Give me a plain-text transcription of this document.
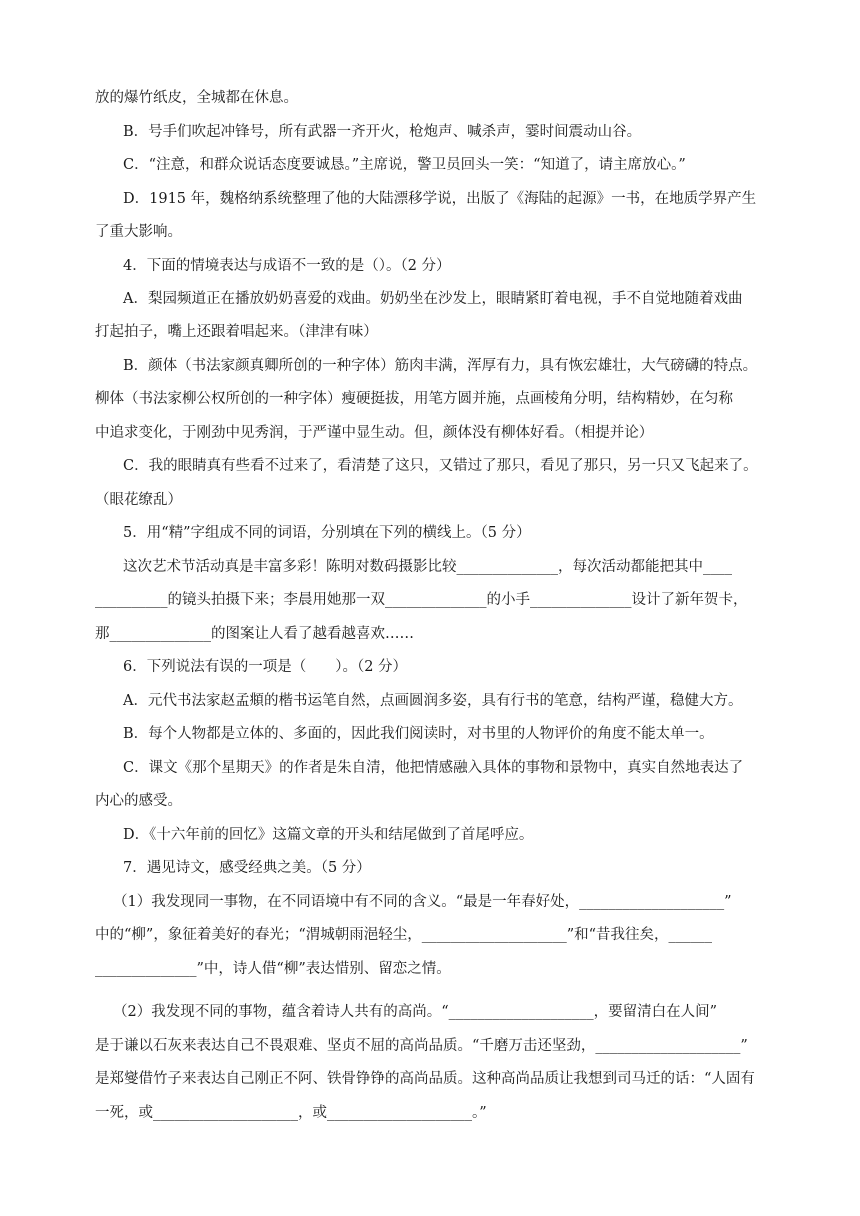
放的爆竹纸皮，全城都在休息。
B．号手们吹起冲锋号，所有武器一齐开火，枪炮声、喊杀声，霎时间震动山谷。
C．“注意，和群众说话态度要诚恳。”主席说，警卫员回头一笑：“知道了，请主席放心。”
D．1915 年，魏格纳系统整理了他的大陆漂移学说，出版了《海陆的起源》一书，在地质学界产生
了重大影响。
4．下面的情境表达与成语不一致的是（）。（2 分）
A．梨园频道正在播放奶奶喜爱的戏曲。奶奶坐在沙发上，眼睛紧盯着电视，手不自觉地随着戏曲
打起拍子，嘴上还跟着唱起来。（津津有味）
B．颜体（书法家颜真卿所创的一种字体）筋肉丰满，浑厚有力，具有恢宏雄壮，大气磅礴的特点。
柳体（书法家柳公权所创的一种字体）瘦硬挺拔，用笔方圆并施，点画棱角分明，结构精妙，在匀称
中追求变化，于刚劲中见秀润，于严谨中显生动。但，颜体没有柳体好看。（相提并论）
C．我的眼睛真有些看不过来了，看清楚了这只，又错过了那只，看见了那只，另一只又飞起来了。
（眼花缭乱）
5．用“精”字组成不同的词语，分别填在下列的横线上。（5 分）
这次艺术节活动真是丰富多彩！陈明对数码摄影比较______________，每次活动都能把其中____
__________的镜头拍摄下来；李晨用她那一双______________的小手______________设计了新年贺卡，
那______________的图案让人看了越看越喜欢……
6．下列说法有误的一项是（　　）。（2 分）
A．元代书法家赵孟頫的楷书运笔自然，点画圆润多姿，具有行书的笔意，结构严谨，稳健大方。
B．每个人物都是立体的、多面的，因此我们阅读时，对书里的人物评价的角度不能太单一。
C．课文《那个星期天》的作者是朱自清，他把情感融入具体的事物和景物中，真实自然地表达了
内心的感受。
D．《十六年前的回忆》这篇文章的开头和结尾做到了首尾呼应。
7．遇见诗文，感受经典之美。（5 分）
（1）我发现同一事物，在不同语境中有不同的含义。“最是一年春好处，____________________”
中的“柳”，象征着美好的春光；“渭城朝雨浥轻尘，____________________”和“昔我往矣，______
______________”中，诗人借“柳”表达惜别、留恋之情。
（2）我发现不同的事物，蕴含着诗人共有的高尚。“____________________，要留清白在人间”
是于谦以石灰来表达自己不畏艰难、坚贞不屈的高尚品质。“千磨万击还坚劲，____________________”
是郑燮借竹子来表达自己刚正不阿、铁骨铮铮的高尚品质。这种高尚品质让我想到司马迁的话：“人固有
一死，或____________________，或____________________。”
